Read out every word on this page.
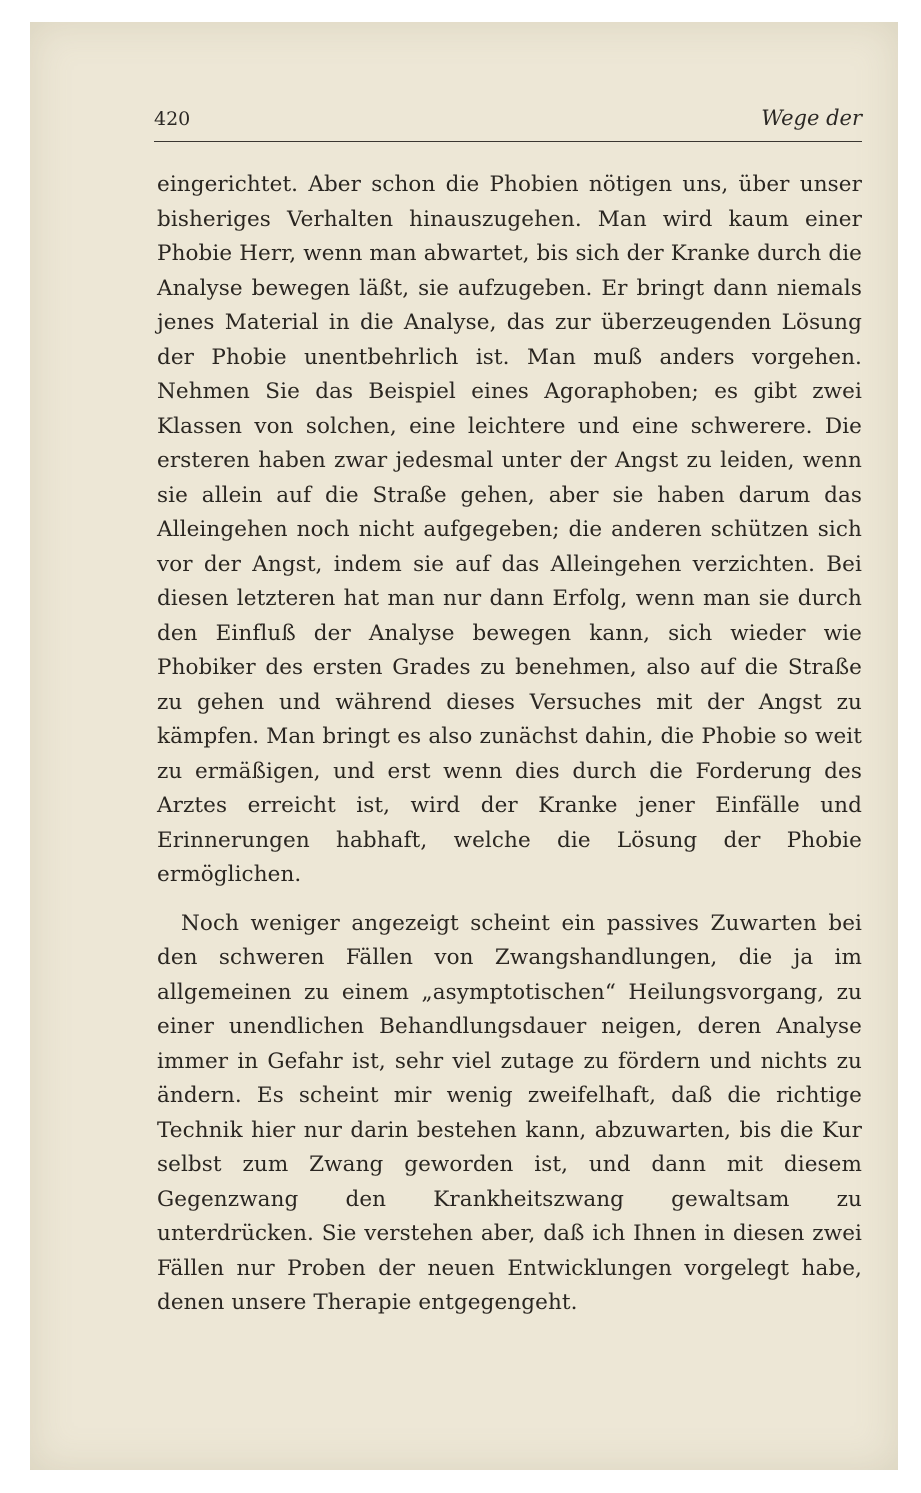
420	Wege der

eingerichtet. Aber schon die Phobien nötigen uns, über unser bisheriges Verhalten hinauszugehen. Man wird kaum einer Phobie Herr, wenn man abwartet, bis sich der Kranke durch die Analyse bewegen läßt, sie aufzugeben. Er bringt dann niemals jenes Material in die Analyse, das zur überzeugenden Lösung der Phobie unentbehrlich ist. Man muß anders vorgehen. Nehmen Sie das Beispiel eines Agoraphoben; es gibt zwei Klassen von solchen, eine leichtere und eine schwerere. Die ersteren haben zwar jedesmal unter der Angst zu leiden, wenn sie allein auf die Straße gehen, aber sie haben darum das Alleingehen noch nicht aufgegeben; die anderen schützen sich vor der Angst, indem sie auf das Alleingehen verzichten. Bei diesen letzteren hat man nur dann Erfolg, wenn man sie durch den Einfluß der Analyse bewegen kann, sich wieder wie Phobiker des ersten Grades zu benehmen, also auf die Straße zu gehen und während dieses Versuches mit der Angst zu kämpfen. Man bringt es also zunächst dahin, die Phobie so weit zu ermäßigen, und erst wenn dies durch die Forderung des Arztes erreicht ist, wird der Kranke jener Einfälle und Erinnerungen habhaft, welche die Lösung der Phobie ermöglichen.

Noch weniger angezeigt scheint ein passives Zuwarten bei den schweren Fällen von Zwangshandlungen, die ja im allgemeinen zu einem „asymptotischen“ Heilungsvorgang, zu einer unendlichen Behandlungsdauer neigen, deren Analyse immer in Gefahr ist, sehr viel zutage zu fördern und nichts zu ändern. Es scheint mir wenig zweifelhaft, daß die richtige Technik hier nur darin bestehen kann, abzuwarten, bis die Kur selbst zum Zwang geworden ist, und dann mit diesem Gegenzwang den Krankheitszwang gewaltsam zu unterdrücken. Sie verstehen aber, daß ich Ihnen in diesen zwei Fällen nur Proben der neuen Entwicklungen vorgelegt habe, denen unsere Therapie entgegengeht.
